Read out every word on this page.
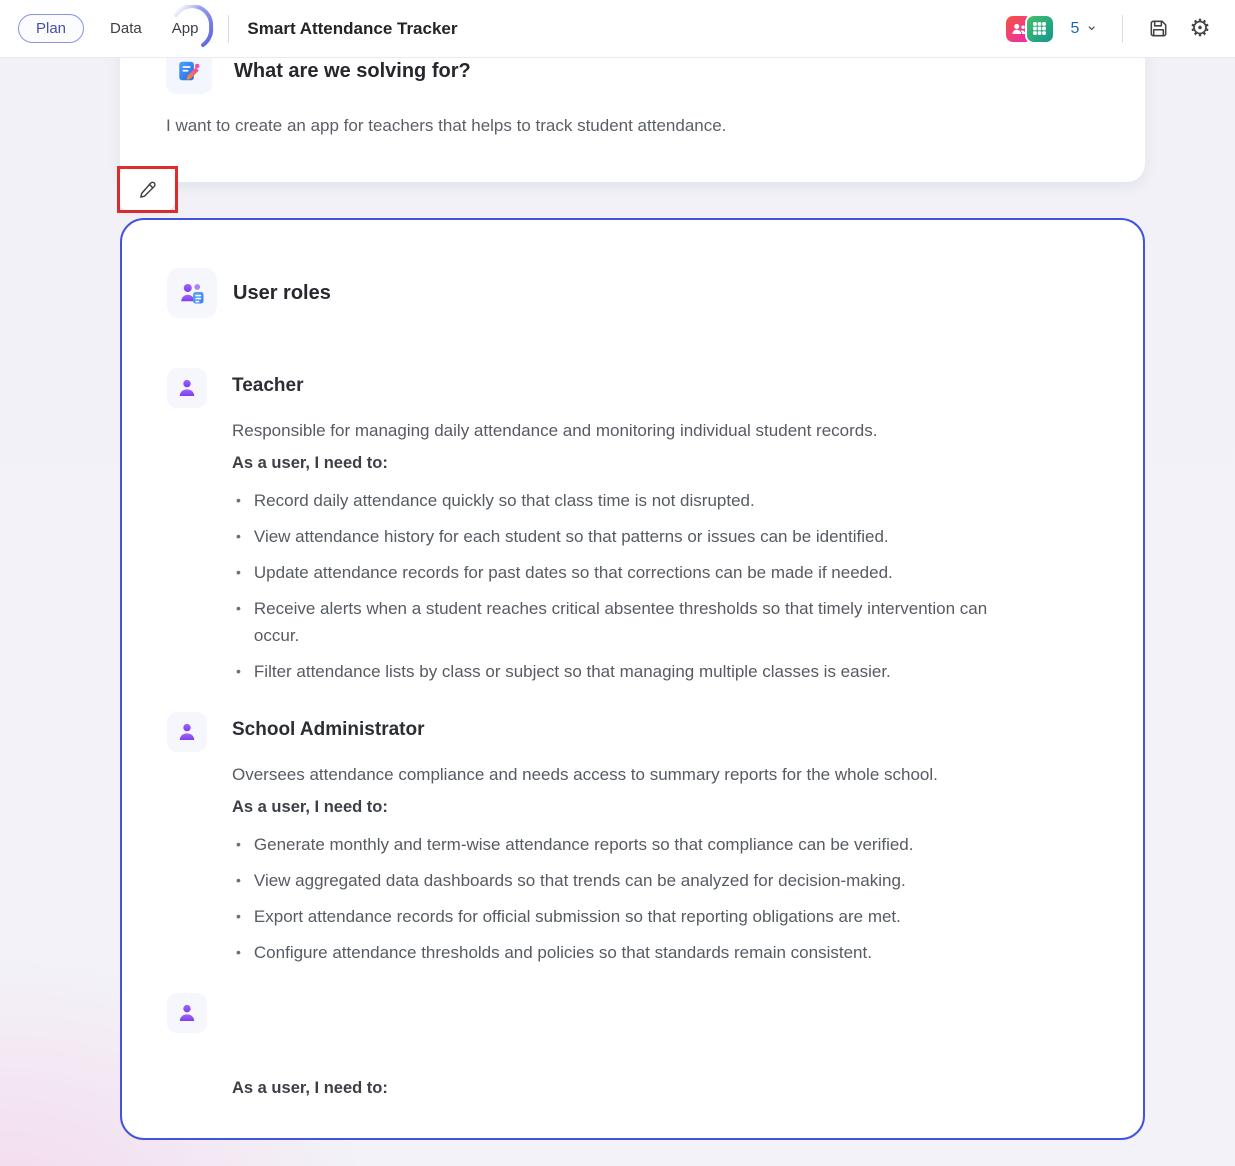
Plan	Data	App	Smart Attendance Tracker	5 ⌄	⚙
What are we solving for?
I want to create an app for teachers that helps to track student attendance.
User roles
Teacher
Responsible for managing daily attendance and monitoring individual student records.
As a user, I need to:
• Record daily attendance quickly so that class time is not disrupted.
• View attendance history for each student so that patterns or issues can be identified.
• Update attendance records for past dates so that corrections can be made if needed.
• Receive alerts when a student reaches critical absentee thresholds so that timely intervention can occur.
• Filter attendance lists by class or subject so that managing multiple classes is easier.
School Administrator
Oversees attendance compliance and needs access to summary reports for the whole school.
As a user, I need to:
• Generate monthly and term-wise attendance reports so that compliance can be verified.
• View aggregated data dashboards so that trends can be analyzed for decision-making.
• Export attendance records for official submission so that reporting obligations are met.
• Configure attendance thresholds and policies so that standards remain consistent.
As a user, I need to:
